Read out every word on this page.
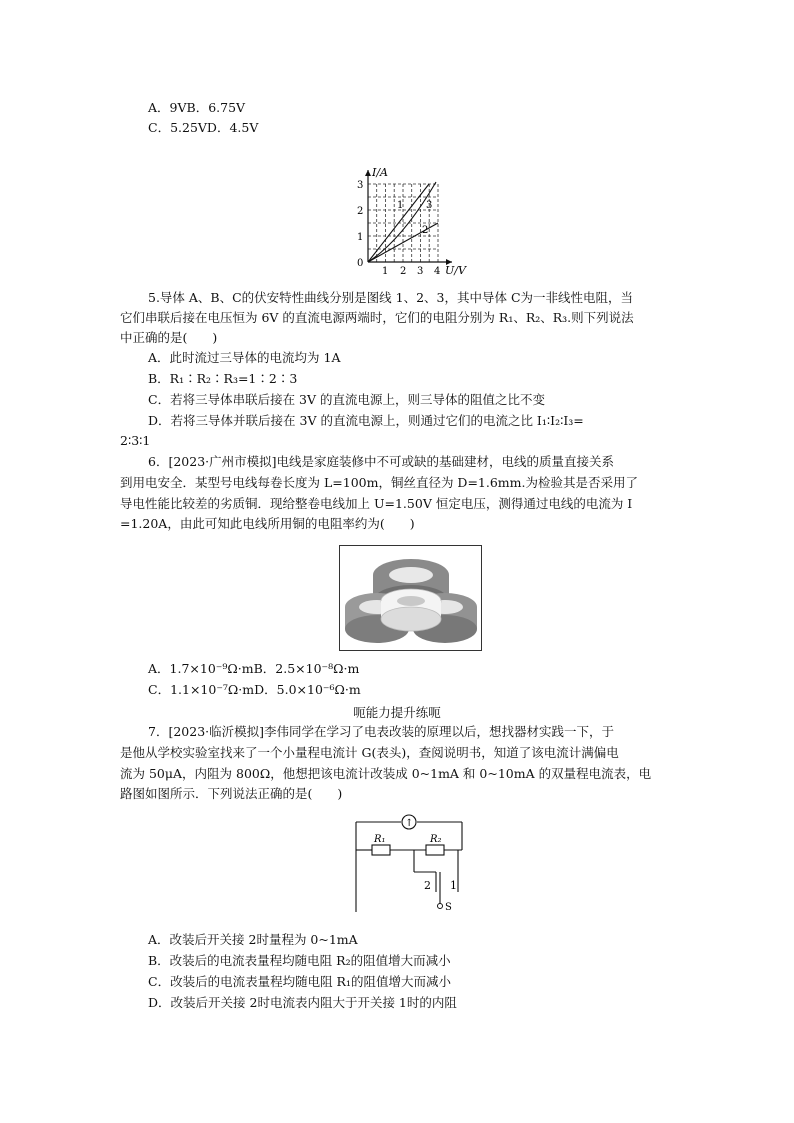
A．9VB．6.75V
C．5.25VD．4.5V
I/A
U/V
0
1 2 3 4
1
2
3
1
2
3
5.导体 A、B、C的伏安特性曲线分别是图线 1、2、3，其中导体 C为一非线性电阻，当
它们串联后接在电压恒为 6V 的直流电源两端时，它们的电阻分别为 R₁、R₂、R₃.则下列说法
中正确的是(　　)
A．此时流过三导体的电流均为 1A
B．R₁∶R₂∶R₃=1∶2∶3
C．若将三导体串联后接在 3V 的直流电源上，则三导体的阻值之比不变
D．若将三导体并联后接在 3V 的直流电源上，则通过它们的电流之比 I₁∶I₂∶I₃=
2∶3∶1
6．[2023·广州市模拟]电线是家庭装修中不可或缺的基础建材，电线的质量直接关系
到用电安全．某型号电线每卷长度为 L=100m，铜丝直径为 D=1.6mm.为检验其是否采用了
导电性能比较差的劣质铜．现给整卷电线加上 U=1.50V 恒定电压，测得通过电线的电流为 I
=1.20A，由此可知此电线所用铜的电阻率约为(　　)
A．1.7×10⁻⁹Ω·mB．2.5×10⁻⁸Ω·m
C．1.1×10⁻⁷Ω·mD．5.0×10⁻⁶Ω·m
呃能力提升练呃
7．[2023·临沂模拟]李伟同学在学习了电表改装的原理以后，想找器材实践一下，于
是他从学校实验室找来了一个小量程电流计 G(表头)，查阅说明书，知道了该电流计满偏电
流为 50μA，内阻为 800Ω，他想把该电流计改装成 0~1mA 和 0~10mA 的双量程电流表，电
路图如图所示．下列说法正确的是(　　)
↑
R₁	R₂
2 1
S
A．改装后开关接 2时量程为 0~1mA
B．改装后的电流表量程均随电阻 R₂的阻值增大而减小
C．改装后的电流表量程均随电阻 R₁的阻值增大而减小
D．改装后开关接 2时电流表内阻大于开关接 1时的内阻
